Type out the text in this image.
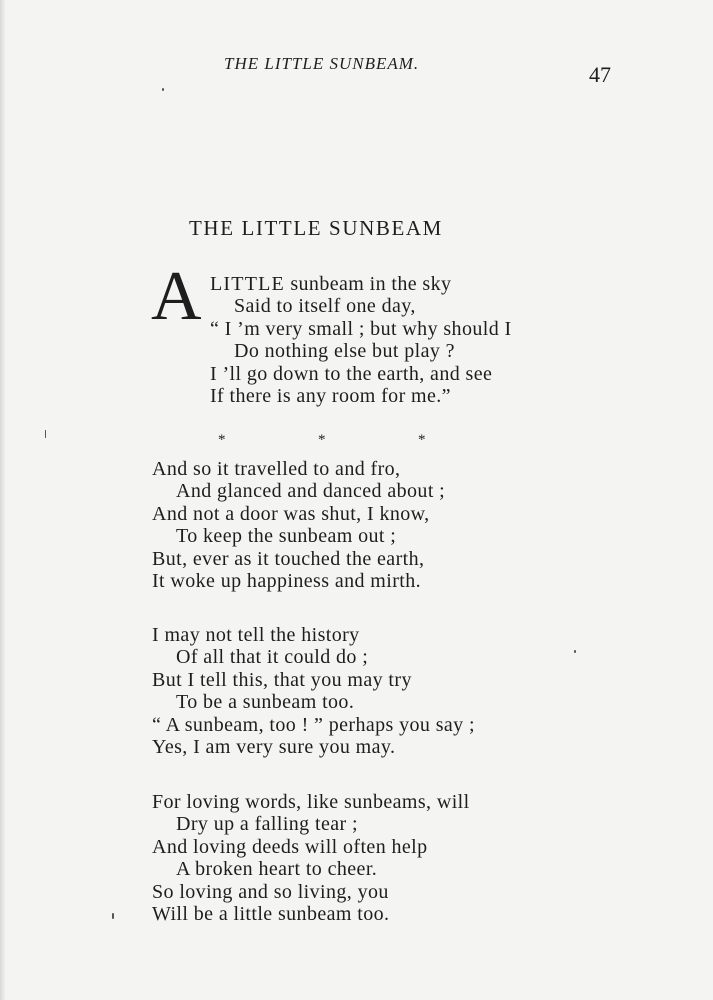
THE LITTLE SUNBEAM.	47
THE LITTLE SUNBEAM
A LITTLE sunbeam in the sky
Said to itself one day,
“ I ’m very small ; but why should I
Do nothing else but play ?
I ’ll go down to the earth, and see
If there is any room for me.”
*	*	*
And so it travelled to and fro,
And glanced and danced about ;
And not a door was shut, I know,
To keep the sunbeam out ;
But, ever as it touched the earth,
It woke up happiness and mirth.
I may not tell the history
Of all that it could do ;
But I tell this, that you may try
To be a sunbeam too.
“ A sunbeam, too ! ” perhaps you say ;
Yes, I am very sure you may.
For loving words, like sunbeams, will
Dry up a falling tear ;
And loving deeds will often help
A broken heart to cheer.
So loving and so living, you
Will be a little sunbeam too.
